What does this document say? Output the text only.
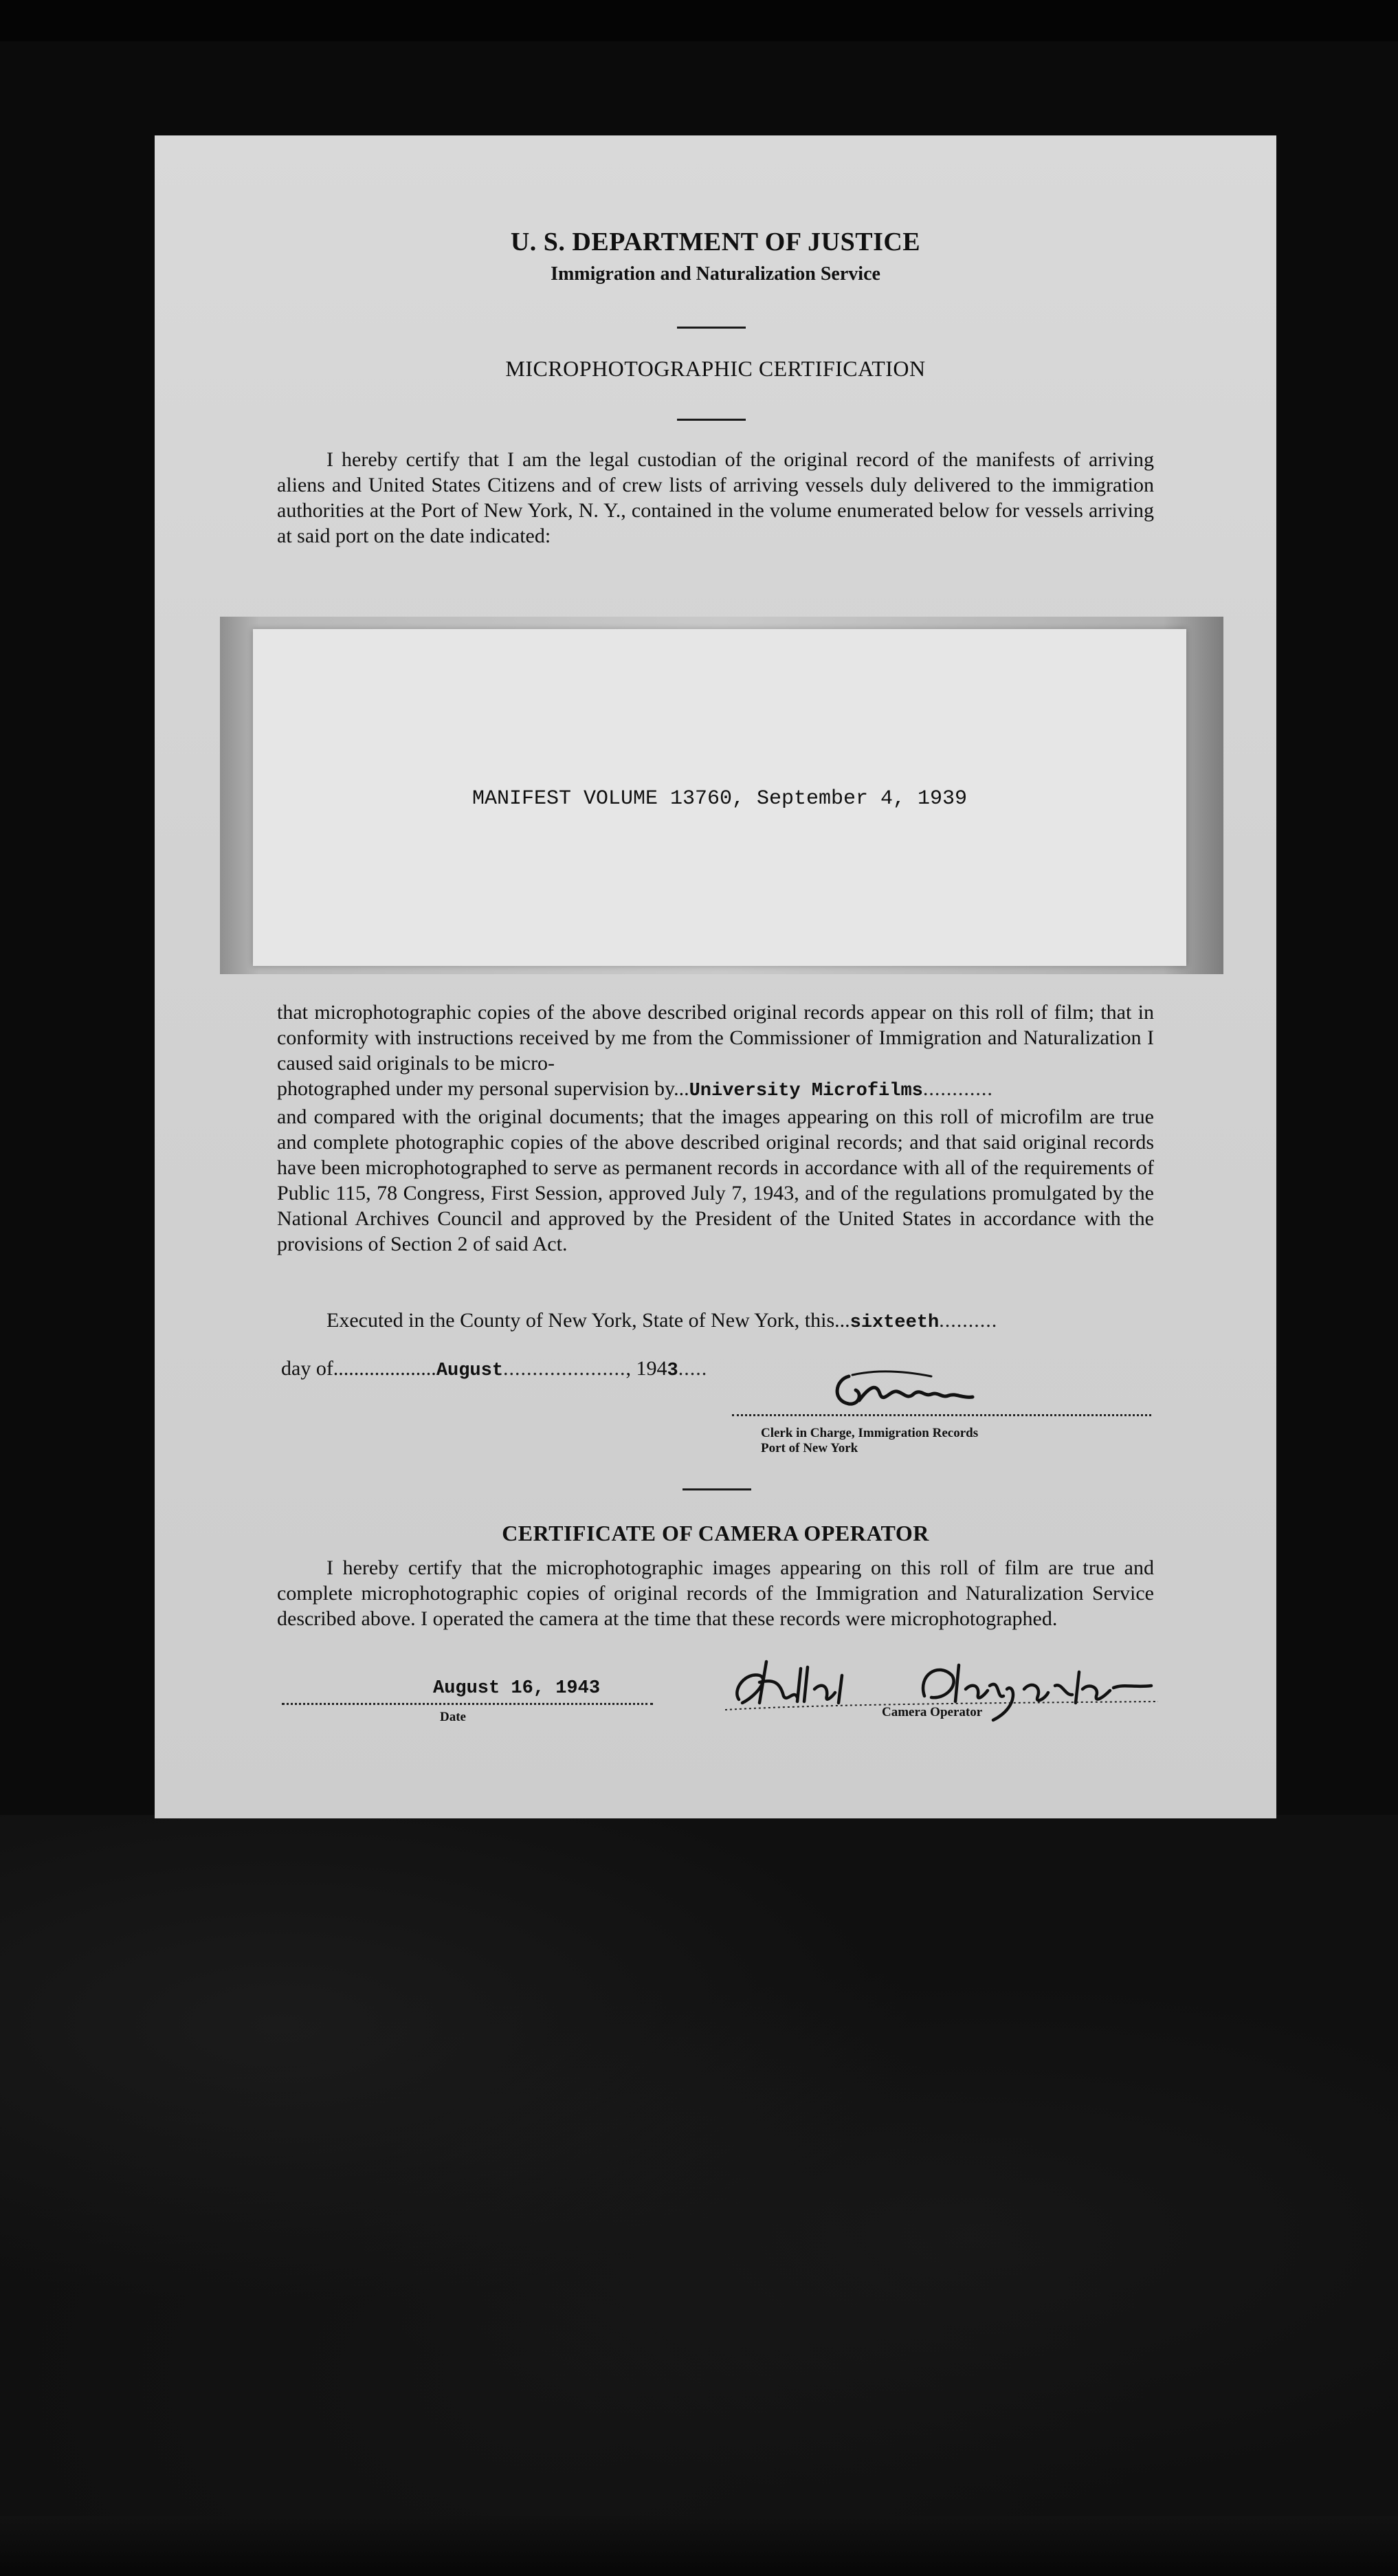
U. S. DEPARTMENT OF JUSTICE
Immigration and Naturalization Service
MICROPHOTOGRAPHIC CERTIFICATION
I hereby certify that I am the legal custodian of the original record of the manifests of arriving aliens and United States Citizens and of crew lists of arriving vessels duly delivered to the immigration authorities at the Port of New York, N. Y., contained in the volume enumerated below for vessels arriving at said port on the date indicated:
MANIFEST VOLUME 13760, September 4, 1939
that microphotographic copies of the above described original records appear on this roll of film; that in conformity with instructions received by me from the Commissioner of Immigration and Naturalization I caused said originals to be micro-
photographed under my personal supervision by...University Microfilms............
and compared with the original documents; that the images appearing on this roll of microfilm are true and complete photographic copies of the above described original records; and that said original records have been microphotographed to serve as permanent records in accordance with all of the requirements of Public 115, 78 Congress, First Session, approved July 7, 1943, and of the regulations promulgated by the National Archives Council and approved by the President of the United States in accordance with the provisions of Section 2 of said Act.
Executed in the County of New York, State of New York, this...sixteeth..........
day of....................August....................., 1943.....
Clerk in Charge, Immigration Records
Port of New York
CERTIFICATE OF CAMERA OPERATOR
I hereby certify that the microphotographic images appearing on this roll of film are true and complete microphotographic copies of original records of the Immigration and Naturalization Service described above. I operated the camera at the time that these records were microphotographed.
August 16, 1943
Date	Camera Operator
